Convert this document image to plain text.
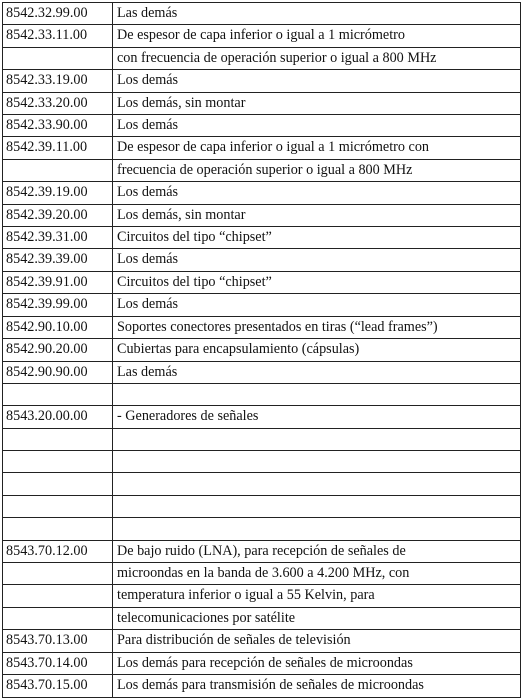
8542.32.99.00	Las demás
8542.33.11.00	De espesor de capa inferior o igual a 1 micrómetro
	con frecuencia de operación superior o igual a 800 MHz
8542.33.19.00	Los demás
8542.33.20.00	Los demás, sin montar
8542.33.90.00	Los demás
8542.39.11.00	De espesor de capa inferior o igual a 1 micrómetro con
	frecuencia de operación superior o igual a 800 MHz
8542.39.19.00	Los demás
8542.39.20.00	Los demás, sin montar
8542.39.31.00	Circuitos del tipo “chipset”
8542.39.39.00	Los demás
8542.39.91.00	Circuitos del tipo “chipset”
8542.39.99.00	Los demás
8542.90.10.00	Soportes conectores presentados en tiras (“lead frames”)
8542.90.20.00	Cubiertas para encapsulamiento (cápsulas)
8542.90.90.00	Las demás

8543.20.00.00	- Generadores de señales

8543.70.12.00	De bajo ruido (LNA), para recepción de señales de
	microondas en la banda de 3.600 a 4.200 MHz, con
	temperatura inferior o igual a 55 Kelvin, para
	telecomunicaciones por satélite
8543.70.13.00	Para distribución de señales de televisión
8543.70.14.00	Los demás para recepción de señales de microondas
8543.70.15.00	Los demás para transmisión de señales de microondas
